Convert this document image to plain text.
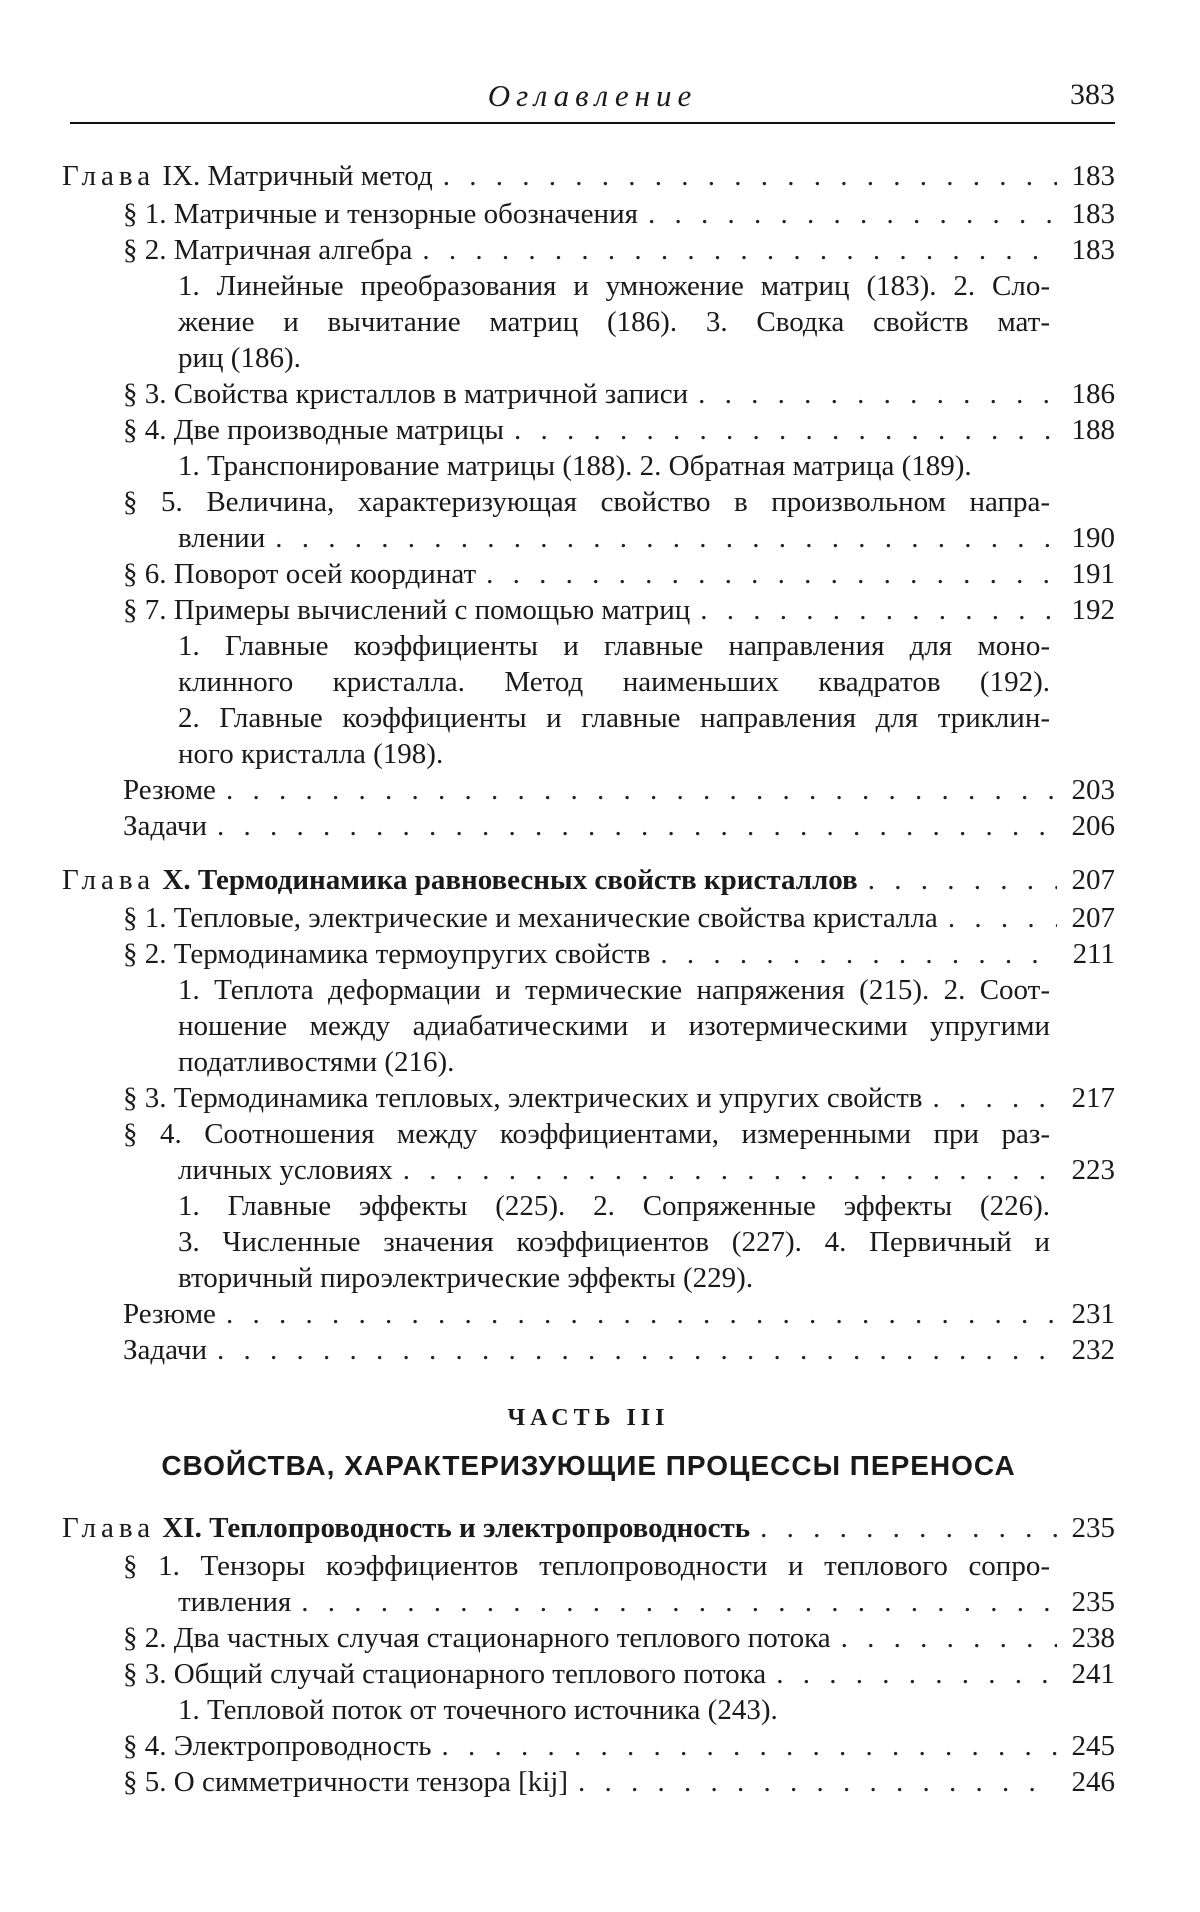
Оглавление	383
Глава IX. Матричный метод . . .	183
§ 1. Матричные и тензорные обозначения . . .	183
§ 2. Матричная алгебра . . .	183
1. Линейные преобразования и умножение матриц (183). 2. Сло-
жение и вычитание матриц (186). 3. Сводка свойств мат-
риц (186).
§ 3. Свойства кристаллов в матричной записи . . .	186
§ 4. Две производные матрицы . . .	188
1. Транспонирование матрицы (188). 2. Обратная матрица (189).
§ 5. Величина, характеризующая свойство в произвольном напра-
влении . . .	190
§ 6. Поворот осей координат . . .	191
§ 7. Примеры вычислений с помощью матриц . . .	192
1. Главные коэффициенты и главные направления для моно-
клинного кристалла. Метод наименьших квадратов (192).
2. Главные коэффициенты и главные направления для триклин-
ного кристалла (198).
Резюме . . .	203
Задачи . . .	206
Глава X. Термодинамика равновесных свойств кристаллов . . .	207
§ 1. Тепловые, электрические и механические свойства кристалла . . .	207
§ 2. Термодинамика термоупругих свойств . . .	211
1. Теплота деформации и термические напряжения (215). 2. Соот-
ношение между адиабатическими и изотермическими упругими
податливостями (216).
§ 3. Термодинамика тепловых, электрических и упругих свойств . . .	217
§ 4. Соотношения между коэффициентами, измеренными при раз-
личных условиях . . .	223
1. Главные эффекты (225). 2. Сопряженные эффекты (226).
3. Численные значения коэффициентов (227). 4. Первичный и
вторичный пироэлектрические эффекты (229).
Резюме . . .	231
Задачи . . .	232
ЧАСТЬ III
СВОЙСТВА, ХАРАКТЕРИЗУЮЩИЕ ПРОЦЕССЫ ПЕРЕНОСА
Глава XI. Теплопроводность и электропроводность . . .	235
§ 1. Тензоры коэффициентов теплопроводности и теплового сопро-
тивления . . .	235
§ 2. Два частных случая стационарного теплового потока . . .	238
§ 3. Общий случай стационарного теплового потока . . .	241
1. Тепловой поток от точечного источника (243).
§ 4. Электропроводность . . .	245
§ 5. О симметричности тензора [kij] . . .	246
